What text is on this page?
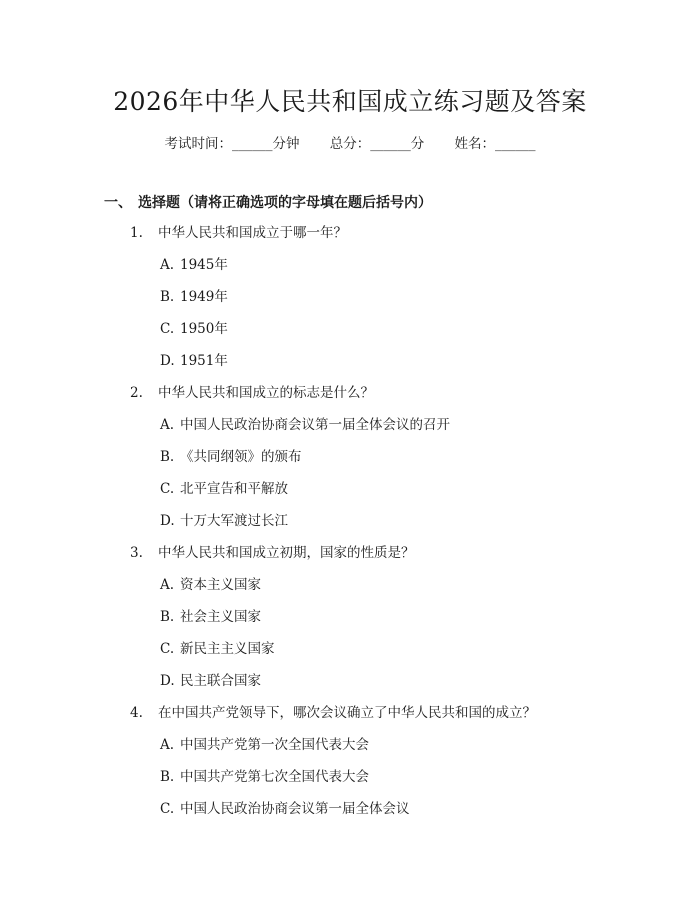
2026年中华人民共和国成立练习题及答案
考试时间：______分钟 总分：______分 姓名：______
一、 选择题（请将正确选项的字母填在题后括号内）
1. 中华人民共和国成立于哪一年？
A. 1945年
B. 1949年
C. 1950年
D. 1951年
2. 中华人民共和国成立的标志是什么？
A. 中国人民政治协商会议第一届全体会议的召开
B. 《共同纲领》的颁布
C. 北平宣告和平解放
D. 十万大军渡过长江
3. 中华人民共和国成立初期，国家的性质是？
A. 资本主义国家
B. 社会主义国家
C. 新民主主义国家
D. 民主联合国家
4. 在中国共产党领导下，哪次会议确立了中华人民共和国的成立？
A. 中国共产党第一次全国代表大会
B. 中国共产党第七次全国代表大会
C. 中国人民政治协商会议第一届全体会议
